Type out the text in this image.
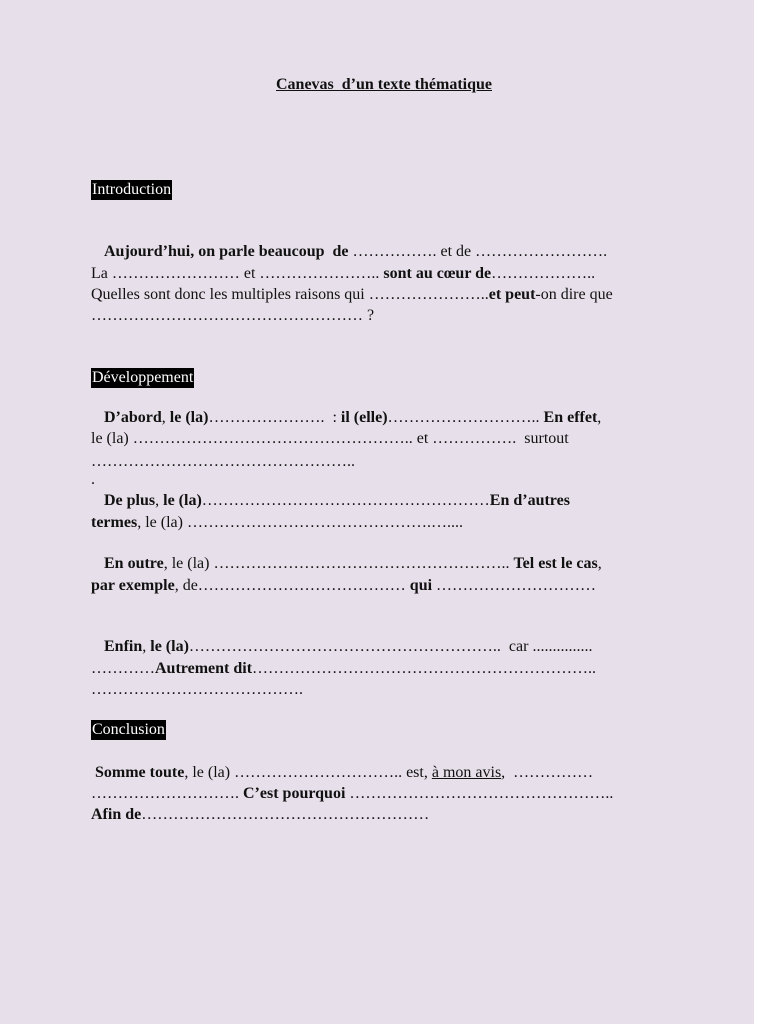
Canevas  d’un texte thématique
Introduction
Aujourd’hui, on parle beaucoup  de ……………. et de …………………….
La …………………… et ………………….. sont au cœur de………………..
Quelles sont donc les multiples raisons qui …………………..et peut-on dire que
…………………………………………… ?
Développement
D’abord, le (la)………………….  : il (elle)……………………….. En effet,
le (la) …………………………………………….. et …………….  surtout
…………………………………………..
.
De plus, le (la)………………………………………………En d’autres
termes, le (la) ……………………………………….…....
En outre, le (la) ……………………………………………….. Tel est le cas,
par exemple, de………………………………… qui …………………………
Enfin, le (la)…………………………………………………..  car ...............
…………Autrement dit………………………………………………………..
………………………………….
Conclusion
Somme toute, le (la) ………………………….. est, à mon avis,  ……………
………………………. C’est pourquoi …………………………………………..
Afin de………………………………………………
